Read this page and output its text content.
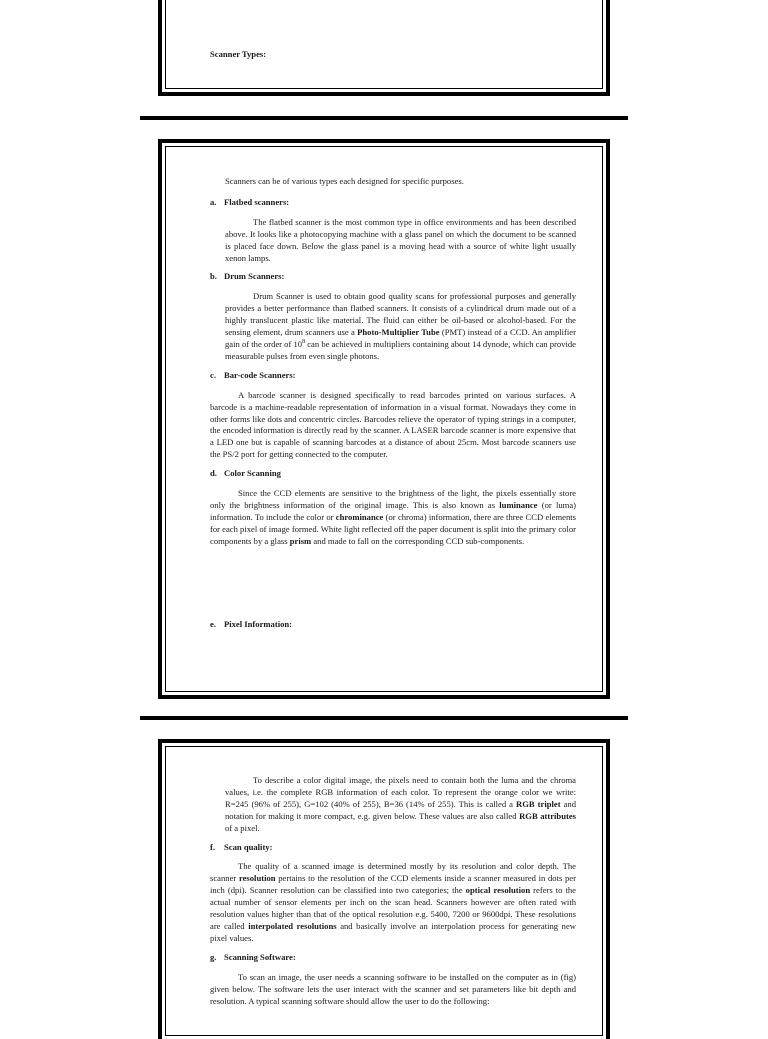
Scanner Types:

Scanners can be of various types each designed for specific purposes.

a. Flatbed scanners:

The flatbed scanner is the most common type in office environments and has been described above. It looks like a photocopying machine with a glass panel on which the document to be scanned is placed face down. Below the glass panel is a moving head with a source of white light usually xenon lamps.

b. Drum Scanners:

Drum Scanner is used to obtain good quality scans for professional purposes and generally provides a better performance than flatbed scanners. It consists of a cylindrical drum made out of a highly translucent plastic like material. The fluid can either be oil-based or alcohol-based. For the sensing element, drum scanners use a Photo-Multiplier Tube (PMT) instead of a CCD. An amplifier gain of the order of $10^8$ can be achieved in multipliers containing about 14 dynode, which can provide measurable pulses from even single photons.

c. Bar-code Scanners:

A barcode scanner is designed specifically to read barcodes printed on various surfaces. A barcode is a machine-readable representation of information in a visual format. Nowadays they come in other forms like dots and concentric circles. Barcodes relieve the operator of typing strings in a computer, the encoded information is directly read by the scanner. A LASER barcode scanner is more expensive that a LED one but is capable of scanning barcodes at a distance of about 25cm. Most barcode scanners use the PS/2 port for getting connected to the computer.

d. Color Scanning

Since the CCD elements are sensitive to the brightness of the light, the pixels essentially store only the brightness information of the original image. This is also known as luminance (or luma) information. To include the color or chrominance (or chroma) information, there are three CCD elements for each pixel of image formed. White light reflected off the paper document is split into the primary color components by a glass prism and made to fall on the corresponding CCD sub-components.

e. Pixel Information:

To describe a color digital image, the pixels need to contain both the luma and the chroma values, i.e. the complete RGB information of each color. To represent the orange color we write: R=245 (96% of 255), G=102 (40% of 255), B=36 (14% of 255). This is called a RGB triplet and notation for making it more compact, e.g. given below. These values are also called RGB attributes of a pixel.

f. Scan quality:

The quality of a scanned image is determined mostly by its resolution and color depth. The scanner resolution pertains to the resolution of the CCD elements inside a scanner measured in dots per inch (dpi). Scanner resolution can be classified into two categories; the optical resolution refers to the actual number of sensor elements per inch on the scan head. Scanners however are often rated with resolution values higher than that of the optical resolution e.g. 5400, 7200 or 9600dpi. These resolutions are called interpolated resolutions and basically involve an interpolation process for generating new pixel values.

g. Scanning Software:

To scan an image, the user needs a scanning software to be installed on the computer as in (fig) given below. The software lets the user interact with the scanner and set parameters like bit depth and resolution. A typical scanning software should allow the user to do the following:
